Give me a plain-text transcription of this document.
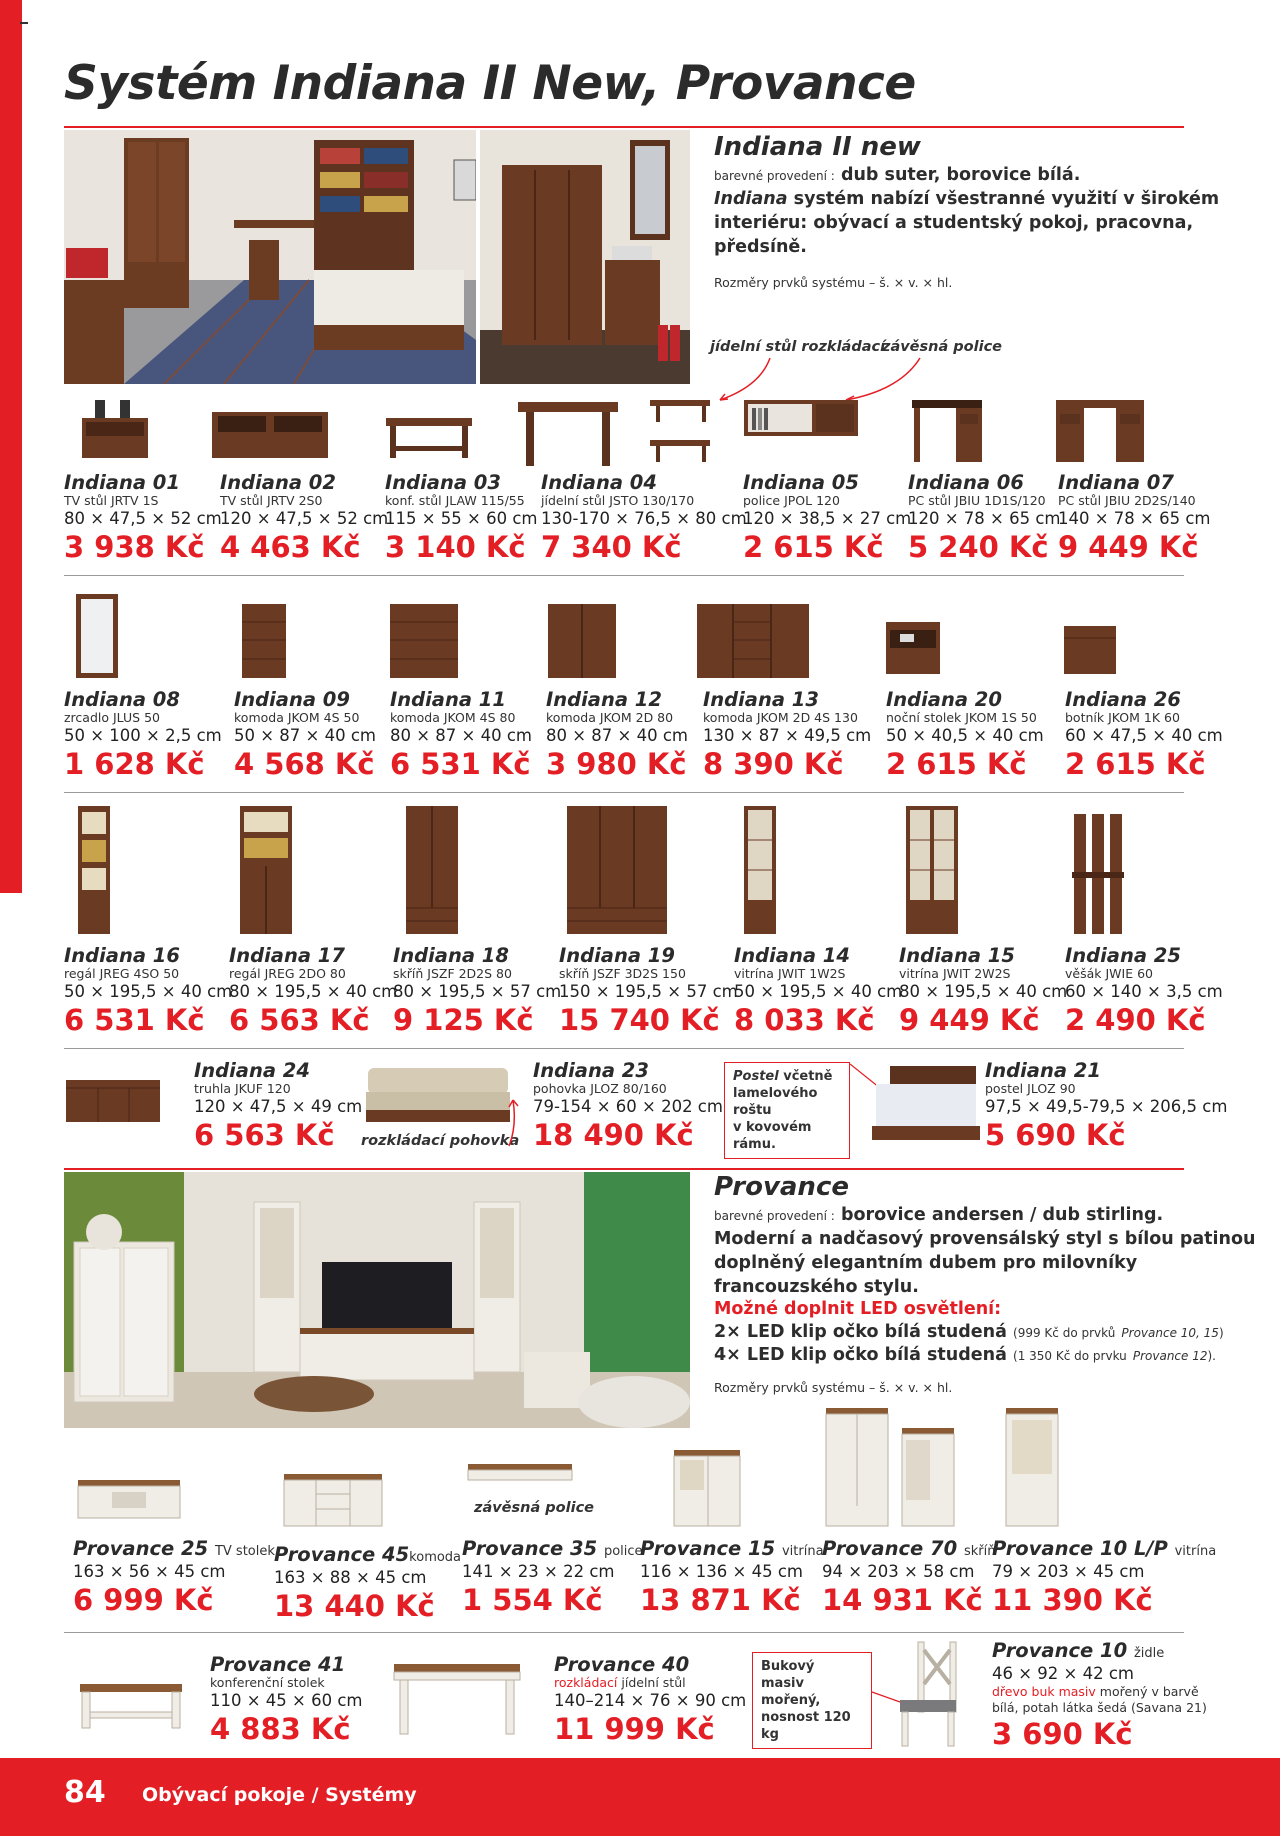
Systém Indiana II New, Provance
Indiana II new
barevné provedení : dub suter, borovice bílá.
Indiana systém nabízí všestranné využití v širokém
interiéru: obývací a studentský pokoj, pracovna,
předsíně.
Rozměry prvků systému – š. × v. × hl.
jídelní stůl rozkládací
závěsná police
Indiana 01
TV stůl JRTV 1S
80 × 47,5 × 52 cm
3 938 Kč
Indiana 02
TV stůl JRTV 2S0
120 × 47,5 × 52 cm
4 463 Kč
Indiana 03
konf. stůl JLAW 115/55
115 × 55 × 60 cm
3 140 Kč
Indiana 04
jídelní stůl JSTO 130/170
130-170 × 76,5 × 80 cm
7 340 Kč
Indiana 05
police JPOL 120
120 × 38,5 × 27 cm
2 615 Kč
Indiana 06
PC stůl JBIU 1D1S/120
120 × 78 × 65 cm
5 240 Kč
Indiana 07
PC stůl JBIU 2D2S/140
140 × 78 × 65 cm
9 449 Kč
Indiana 08
zrcadlo JLUS 50
50 × 100 × 2,5 cm
1 628 Kč
Indiana 09
komoda JKOM 4S 50
50 × 87 × 40 cm
4 568 Kč
Indiana 11
komoda JKOM 4S 80
80 × 87 × 40 cm
6 531 Kč
Indiana 12
komoda JKOM 2D 80
80 × 87 × 40 cm
3 980 Kč
Indiana 13
komoda JKOM 2D 4S 130
130 × 87 × 49,5 cm
8 390 Kč
Indiana 20
noční stolek JKOM 1S 50
50 × 40,5 × 40 cm
2 615 Kč
Indiana 26
botník JKOM 1K 60
60 × 47,5 × 40 cm
2 615 Kč
Indiana 16
regál JREG 4SO 50
50 × 195,5 × 40 cm
6 531 Kč
Indiana 17
regál JREG 2DO 80
80 × 195,5 × 40 cm
6 563 Kč
Indiana 18
skříň JSZF 2D2S 80
80 × 195,5 × 57 cm
9 125 Kč
Indiana 19
skříň JSZF 3D2S 150
150 × 195,5 × 57 cm
15 740 Kč
Indiana 14
vitrína JWIT 1W2S
50 × 195,5 × 40 cm
8 033 Kč
Indiana 15
vitrína JWIT 2W2S
80 × 195,5 × 40 cm
9 449 Kč
Indiana 25
věšák JWIE 60
60 × 140 × 3,5 cm
2 490 Kč
Indiana 24
truhla JKUF 120
120 × 47,5 × 49 cm
6 563 Kč	rozkládací pohovka
Indiana 23
pohovka JLOZ 80/160
79-154 × 60 × 202 cm
18 490 Kč
Postel včetně
lamelového roštu
v kovovém rámu.
Indiana 21
postel JLOZ 90
97,5 × 49,5-79,5 × 206,5 cm
5 690 Kč
Provance
barevné provedení : borovice andersen / dub stirling.
Moderní a nadčasový provensálský styl s bílou patinou
doplněný elegantním dubem pro milovníky
francouzského stylu.
Možné doplnit LED osvětlení:
2× LED klip očko bílá studená (999 Kč do prvků Provance 10, 15)
4× LED klip očko bílá studená (1 350 Kč do prvku Provance 12).
Rozměry prvků systému – š. × v. × hl.
závěsná police
Provance 25 TV stolek
163 × 56 × 45 cm
6 999 Kč
Provance 45komoda
163 × 88 × 45 cm
13 440 Kč
Provance 35 police
141 × 23 × 22 cm
1 554 Kč
Provance 15 vitrína
116 × 136 × 45 cm
13 871 Kč
Provance 70 skříň
94 × 203 × 58 cm
14 931 Kč
Provance 10 L/P vitrína
79 × 203 × 45 cm
11 390 Kč
Provance 41
konferenční stolek
110 × 45 × 60 cm
4 883 Kč
Provance 40
rozkládací jídelní stůl
140–214 × 76 × 90 cm
11 999 Kč
Bukový
masiv mořený,
nosnost 120 kg
Provance 10 židle
46 × 92 × 42 cm
dřevo buk masiv mořený v barvě
bílá, potah látka šedá (Savana 21)
3 690 Kč
84 Obývací pokoje / Systémy
